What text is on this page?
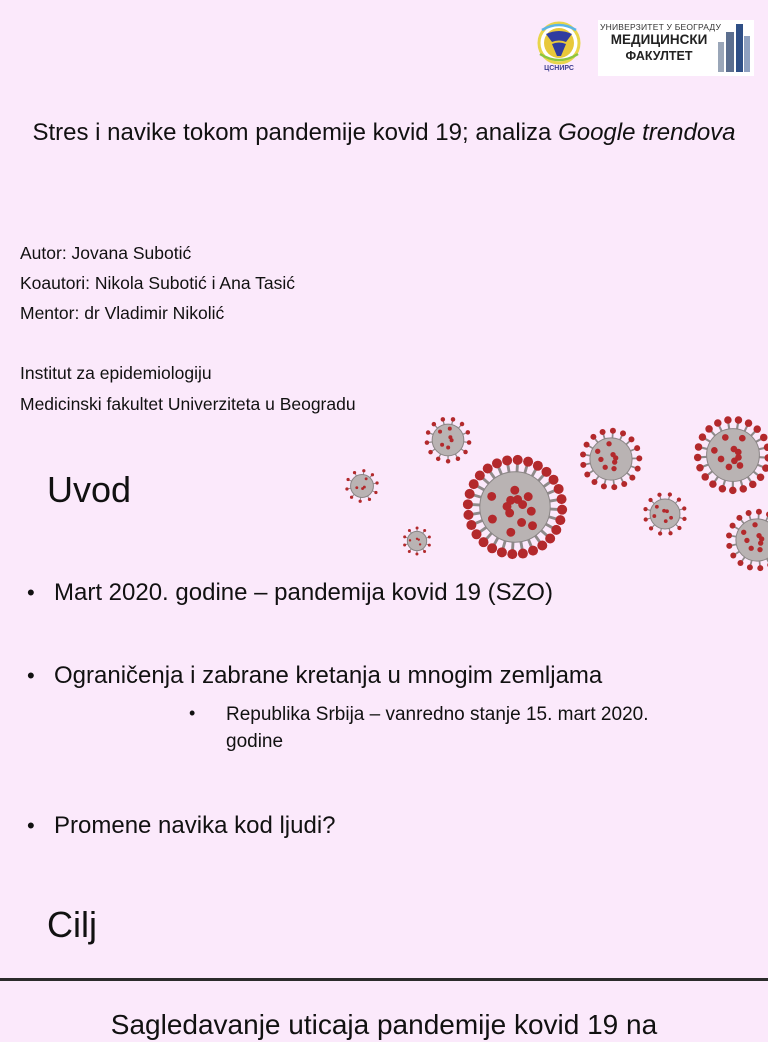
ЦСНИРС
УНИВЕРЗИТЕТ У БЕОГРАДУ
МЕДИЦИНСКИ
ФАКУЛТЕТ
Stres i navike tokom pandemije kovid 19; analiza Google trendova
Autor: Jovana Subotić
Koautori: Nikola Subotić i Ana Tasić
Mentor: dr Vladimir Nikolić
Institut za epidemiologiju
Medicinski fakultet Univerziteta u Beogradu
Uvod
• Mart 2020. godine – pandemija kovid 19 (SZO)
• Ograničenja i zabrane kretanja u mnogim zemljama
• Republika Srbija – vanredno stanje 15. mart 2020.
godine
• Promene navika kod ljudi?
Cilj
Sagledavanje uticaja pandemije kovid 19 na
